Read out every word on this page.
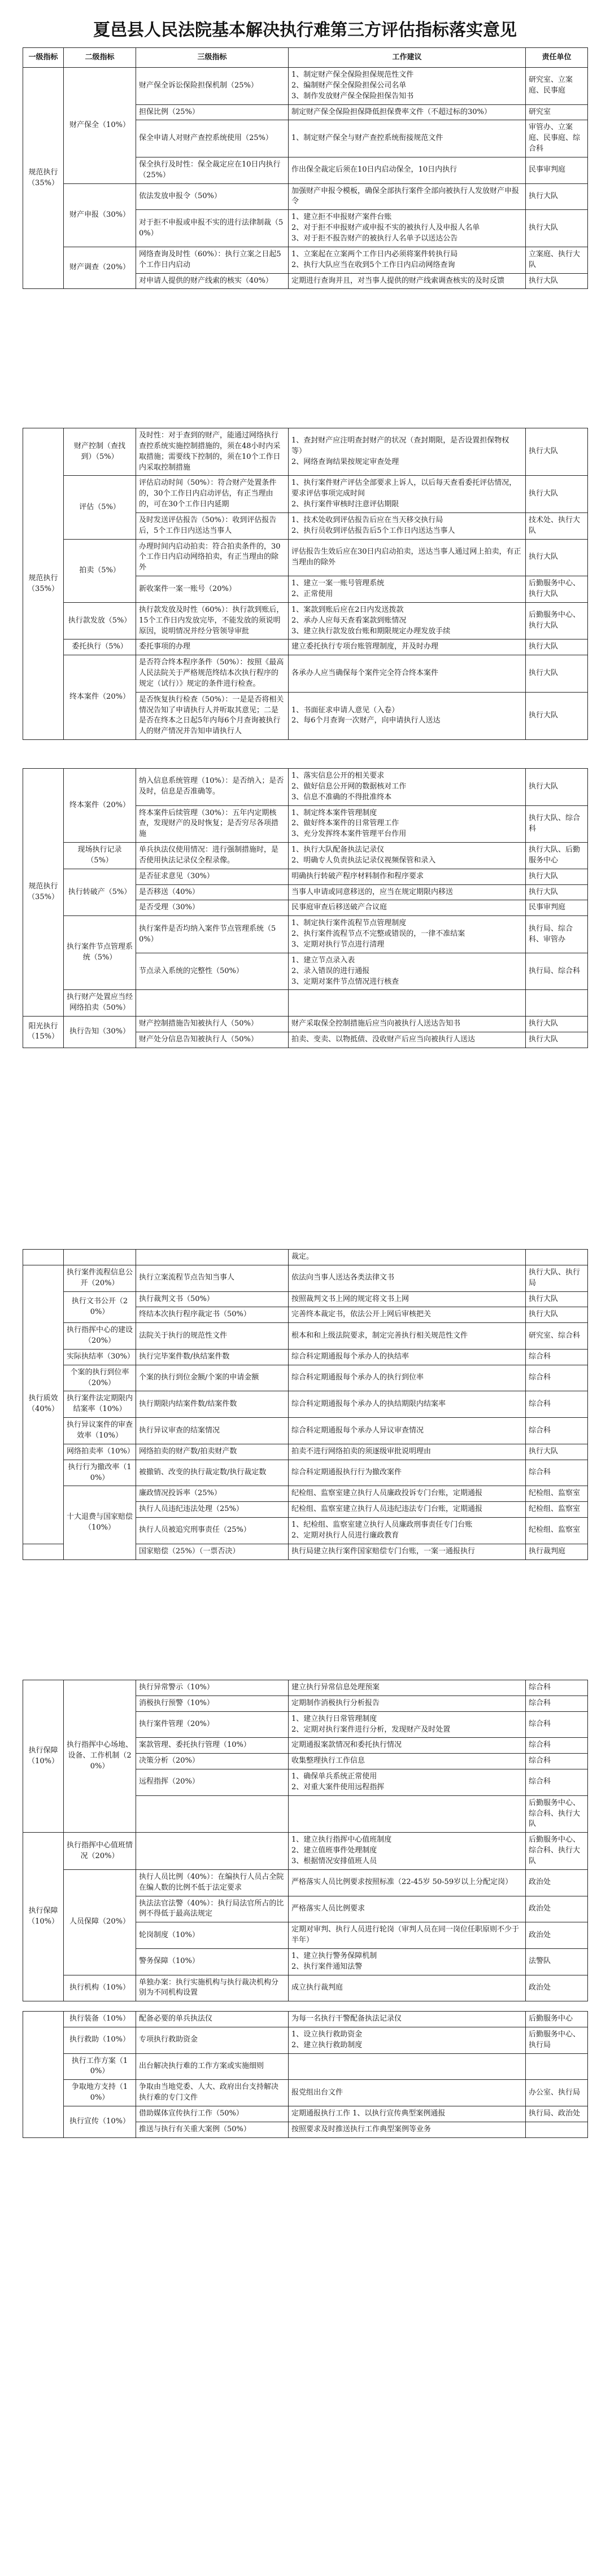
夏邑县人民法院基本解决执行难第三方评估指标落实意见
一级指标	二级指标	三级指标	工作建议	责任单位
规范执行（35%）	财产保全（10%）	财产保全诉讼保险担保机制（25%）	1、制定财产保全保险担保规范性文件
2、编制财产保全保险担保公司名单
3、制作发放财产保全保险担保告知书	研究室、立案庭、民事庭
		担保比例（25%）	制定财产保全保险担保降低担保费率文件（不超过标的30%）	研究室
		保全申请人对财产查控系统使用（25%）	1、制定财产保全与财产查控系统衔接规范文件	审管办、立案庭、民事庭、综合科
		保全执行及时性：保全裁定应在10日内执行（25%）	作出保全裁定后须在10日内启动保全，10日内执行	民事审判庭
	财产申报（30%）	依法发放申报令（50%）	加强财产申报令模板，确保全部执行案件全部向被执行人发放财产申报令	执行大队
		对于拒不申报或申报不实的进行法律制裁（50%）	1、建立拒不申报财产案件台账
2、对于拒不申报财产或申报不实的被执行人及申报人名单
3、对于拒不报告财产的被执行人名单予以送达公告	执行大队
	财产调查（20%）	网络查询及时性（60%）：执行立案之日起5个工作日内启动	1、立案起在立案两个工作日内必须将案件转执行局
2、执行大队应当在收到5个工作日内启动网络查询	立案庭、执行大队
		对申请人提供的财产线索的核实（40%）	定期进行查询并且，对当事人提供的财产线索调查核实的及时反馈	执行大队
规范执行（35%）	财产控制（查找到）（5%）	及时性：对于查到的财产，能通过网络执行查控系统实施控制措施的，须在48小时内采取措施；需要线下控制的，须在10个工作日内采取控制措施	1、查封财产应注明查封财产的状况（查封期限，是否设置担保物权等）
2、网络查询结果按规定审查处理	执行大队
	评估（5%）	评估启动时间（50%）：符合财产处置条件的，30个工作日内启动评估，有正当理由的，可在30个工作日内延期	1、执行案件财产评估全部要求上诉人，以后每天查看委托评估情况，要求评估事项完成时间
2、执行案件审核时注意评估期限	执行大队
		及时发送评估报告（50%）：收到评估报告后，5个工作日内送达当事人	1、技术处收到评估报告后应在当天移交执行局
2、执行员收到评估报告后5个工作日内送达当事人	技术处、执行大队
	拍卖（5%）	办理时间内启动拍卖：符合拍卖条件的，30个工作日内启动网络拍卖，有正当理由的除外	评估报告生效后应在30日内启动拍卖，送达当事人通过网上拍卖，有正当理由的除外	执行大队
		新收案件一案一账号（20%）	1、建立一案一账号管理系统
2、正常使用	后勤服务中心、执行大队
	执行款发放（5%）	执行款发放及时性（60%）：执行款到账后，15个工作日内发放完毕，不能发放的须说明原因，说明情况并经分管领导审批	1、案款到账后应在2日内发送拨款
2、承办人应每天查看案款到账情况
3、建立执行款发放台账和期限规定办理发放手续	后勤服务中心、执行大队
	委托执行（5%）	委托事项的办理	建立委托执行专项台账管理制度，并及时办理	执行大队
	终本案件（20%）	是否符合终本程序条件（50%）：按照《最高人民法院关于严格规范终结本次执行程序的规定（试行）》规定的条件进行检查。	各承办人应当确保每个案件完全符合终本案件	执行大队
		是否恢复执行检查（50%）：一是是否将相关情况告知了申请执行人并听取其意见；二是是否在终本之日起5年内每6个月查询被执行人的财产情况并告知申请执行人	1、书面征求申请人意见（入卷）
2、每6个月查询一次财产，向申请执行人送达	执行大队
规范执行（35%）	终本案件（20%）	纳入信息系统管理（10%）：是否纳入；是否及时，信息是否准确等。	1、落实信息公开的相关要求
2、做好信息公开网的数据核对工作
3、信息不准确的不得批准终本	执行大队
		终本案件后续管理（30%）：五年内定期核查，发现财产的及时恢复；是否穷尽各项措施	1、制定终本案件管理制度
2、做好终本案件的日常管理工作
3、充分发挥终本案件管理平台作用	执行大队、综合科
	现场执行记录（5%）	单兵执法仪使用情况：进行强制措施时，是否使用执法记录仪全程录像。	1、执行大队配备执法记录仪
2、明确专人负责执法记录仪视频保管和录入	执行大队、后勤服务中心
	执行转破产（5%）	是否征求意见（30%）	明确执行转破产程序材料制作和程序要求	执行大队
		是否移送（40%）	当事人申请或同意移送的，应当在规定期限内移送	执行大队
		是否受理（30%）	民事庭审查后移送破产合议庭	民事审判庭
	执行案件节点管理系统（5%）	执行案件是否均纳入案件节点管理系统（50%）	1、制定执行案件流程节点管理制度
2、执行案件流程节点不完整或错误的，一律不准结案
3、定期对执行节点进行清理	执行局、综合科、审管办
		节点录入系统的完整性（50%）	1、建立节点录入表
2、录入错误的进行通报
3、定期对案件节点情况进行核查	执行局、综合科
	执行财产处置应当经网络拍卖（50%）			
阳光执行（15%）	执行告知（30%）	财产控制措施告知被执行人（50%）	财产采取保全控制措施后应当向被执行人送达告知书	执行大队
		财产处分信息告知被执行人（50%）	拍卖、变卖、以物抵债、没收财产后应当向被执行人送达	执行大队
			裁定。	
执行质效（40%）	执行案件流程信息公开（20%）	执行立案流程节点告知当事人	依法向当事人送达各类法律文书	执行大队、执行局
	执行文书公开（20%）	执行裁判文书（50%）	按照裁判文书上网的规定将文书上网	执行大队
		终结本次执行程序裁定书（50%）	完善终本裁定书，依法公开上网后审核把关	执行大队
	执行指挥中心的建设（20%）	法院关于执行的规范性文件	根本和和上级法院要求，制定完善执行相关规范性文件	研究室、综合科
	实际执结率（30%）	执行完毕案件数/执结案件数	综合科定期通报每个承办人的执结率	综合科
	个案的执行到位率（20%）	个案的执行到位金额/个案的申请金额	综合科定期通报每个承办人的执行到位率	综合科
	执行案件法定期限内结案率（10%）	执行期限内结案件数/结案件数	综合科定期通报每个承办人的执结期限内结案率	综合科
	执行异议案件的审查效率（10%）	执行异议审查的结案情况	综合科定期通报每个承办人异议审查情况	综合科
	网络拍卖率（10%）	网络拍卖的财产数/拍卖财产数	拍卖不进行网络拍卖的须逐级审批说明理由	执行大队
	执行行为撤改率（10%）	被撤销、改变的执行裁定数/执行裁定数	综合科定期通报执行行为撤改案件	综合科
	十大退费与国家赔偿（10%）	廉政情况投诉率（25%）	纪检组、监察室建立执行人员廉政投诉专门台账，定期通报	纪检组、监察室
		执行人员违纪违法处理（25%）	纪检组、监察室建立执行人员违纪违法专门台账，定期通报	纪检组、监察室
		执行人员被追究刑事责任（25%）	1、纪检组、监察室建立执行人员廉政刑事责任专门台账
2、定期对执行人员进行廉政教育	纪检组、监察室
		国家赔偿（25%）（一票否决）	执行局建立执行案件国家赔偿专门台账，一案一通报执行	执行裁判庭
执行保障（10%）	执行指挥中心场地、设备、工作机制（20%）	执行异常警示（10%）	建立执行异常信息处理预案	综合科
		消极执行预警（10%）	定期制作消极执行分析报告	综合科
		执行案件管理（20%）	1、建立执行日常管理制度
2、定期对执行案件进行分析，发现财产及时处置	综合科
		案款管理、委托执行管理（10%）	定期通报案款情况和委托执行情况	综合科
		决策分析（20%）	收集整理执行工作信息	综合科
		远程指挥（20%）	1、确保单兵系统正常使用
2、对重大案件使用远程指挥	综合科
				后勤服务中心、综合科、执行大队
执行保障（10%）	执行指挥中心值班情况（20%）		1、建立执行指挥中心值班制度
2、建立值班事件处理制度
3、根据情况安排值班人员	后勤服务中心、综合科、执行大队
	人员保障（20%）	执行人员比例（40%）：在编执行人员占全院在编人数的比例不低于法定要求	严格落实人员比例要求按照标准（22-45岁 50-59岁以上分配定岗）	政治处
		执法法官法警（40%）：执行局法官所占的比例不得低于最高法规定	严格落实人员比例要求	政治处
		轮岗制度（10%）	定期对审判、执行人员进行轮岗（审判人员在同一岗位任职原则不少于半年）	政治处
		警务保障（10%）	1、建立执行警务保障机制
2、执行案件通知法警	法警队
	执行机构（10%）	单独办案：执行实施机构与执行裁决机构分别为不同机构设置	成立执行裁判庭	政治处
	执行装备（10%）	配备必要的单兵执法仪	为每一名执行干警配备执法记录仪	后勤服务中心
	执行救助（10%）	专项执行救助资金	1、设立执行救助资金
2、建立执行救助制度	后勤服务中心、执行局
	执行工作方案（10%）	出台解决执行难的工作方案或实施细则		
	争取地方支持（10%）	争取由当地党委、人大、政府出台支持解决执行难的专门文件	报党组出台文件	办公室、执行局
	执行宣传（10%）	借助媒体宣传执行工作（50%）	定期通报执行工作 1、以执行宣传典型案例通报	执行局、政治处
		推送与执行有关重大案例（50%）	按照要求及时推送执行工作典型案例等业务	
